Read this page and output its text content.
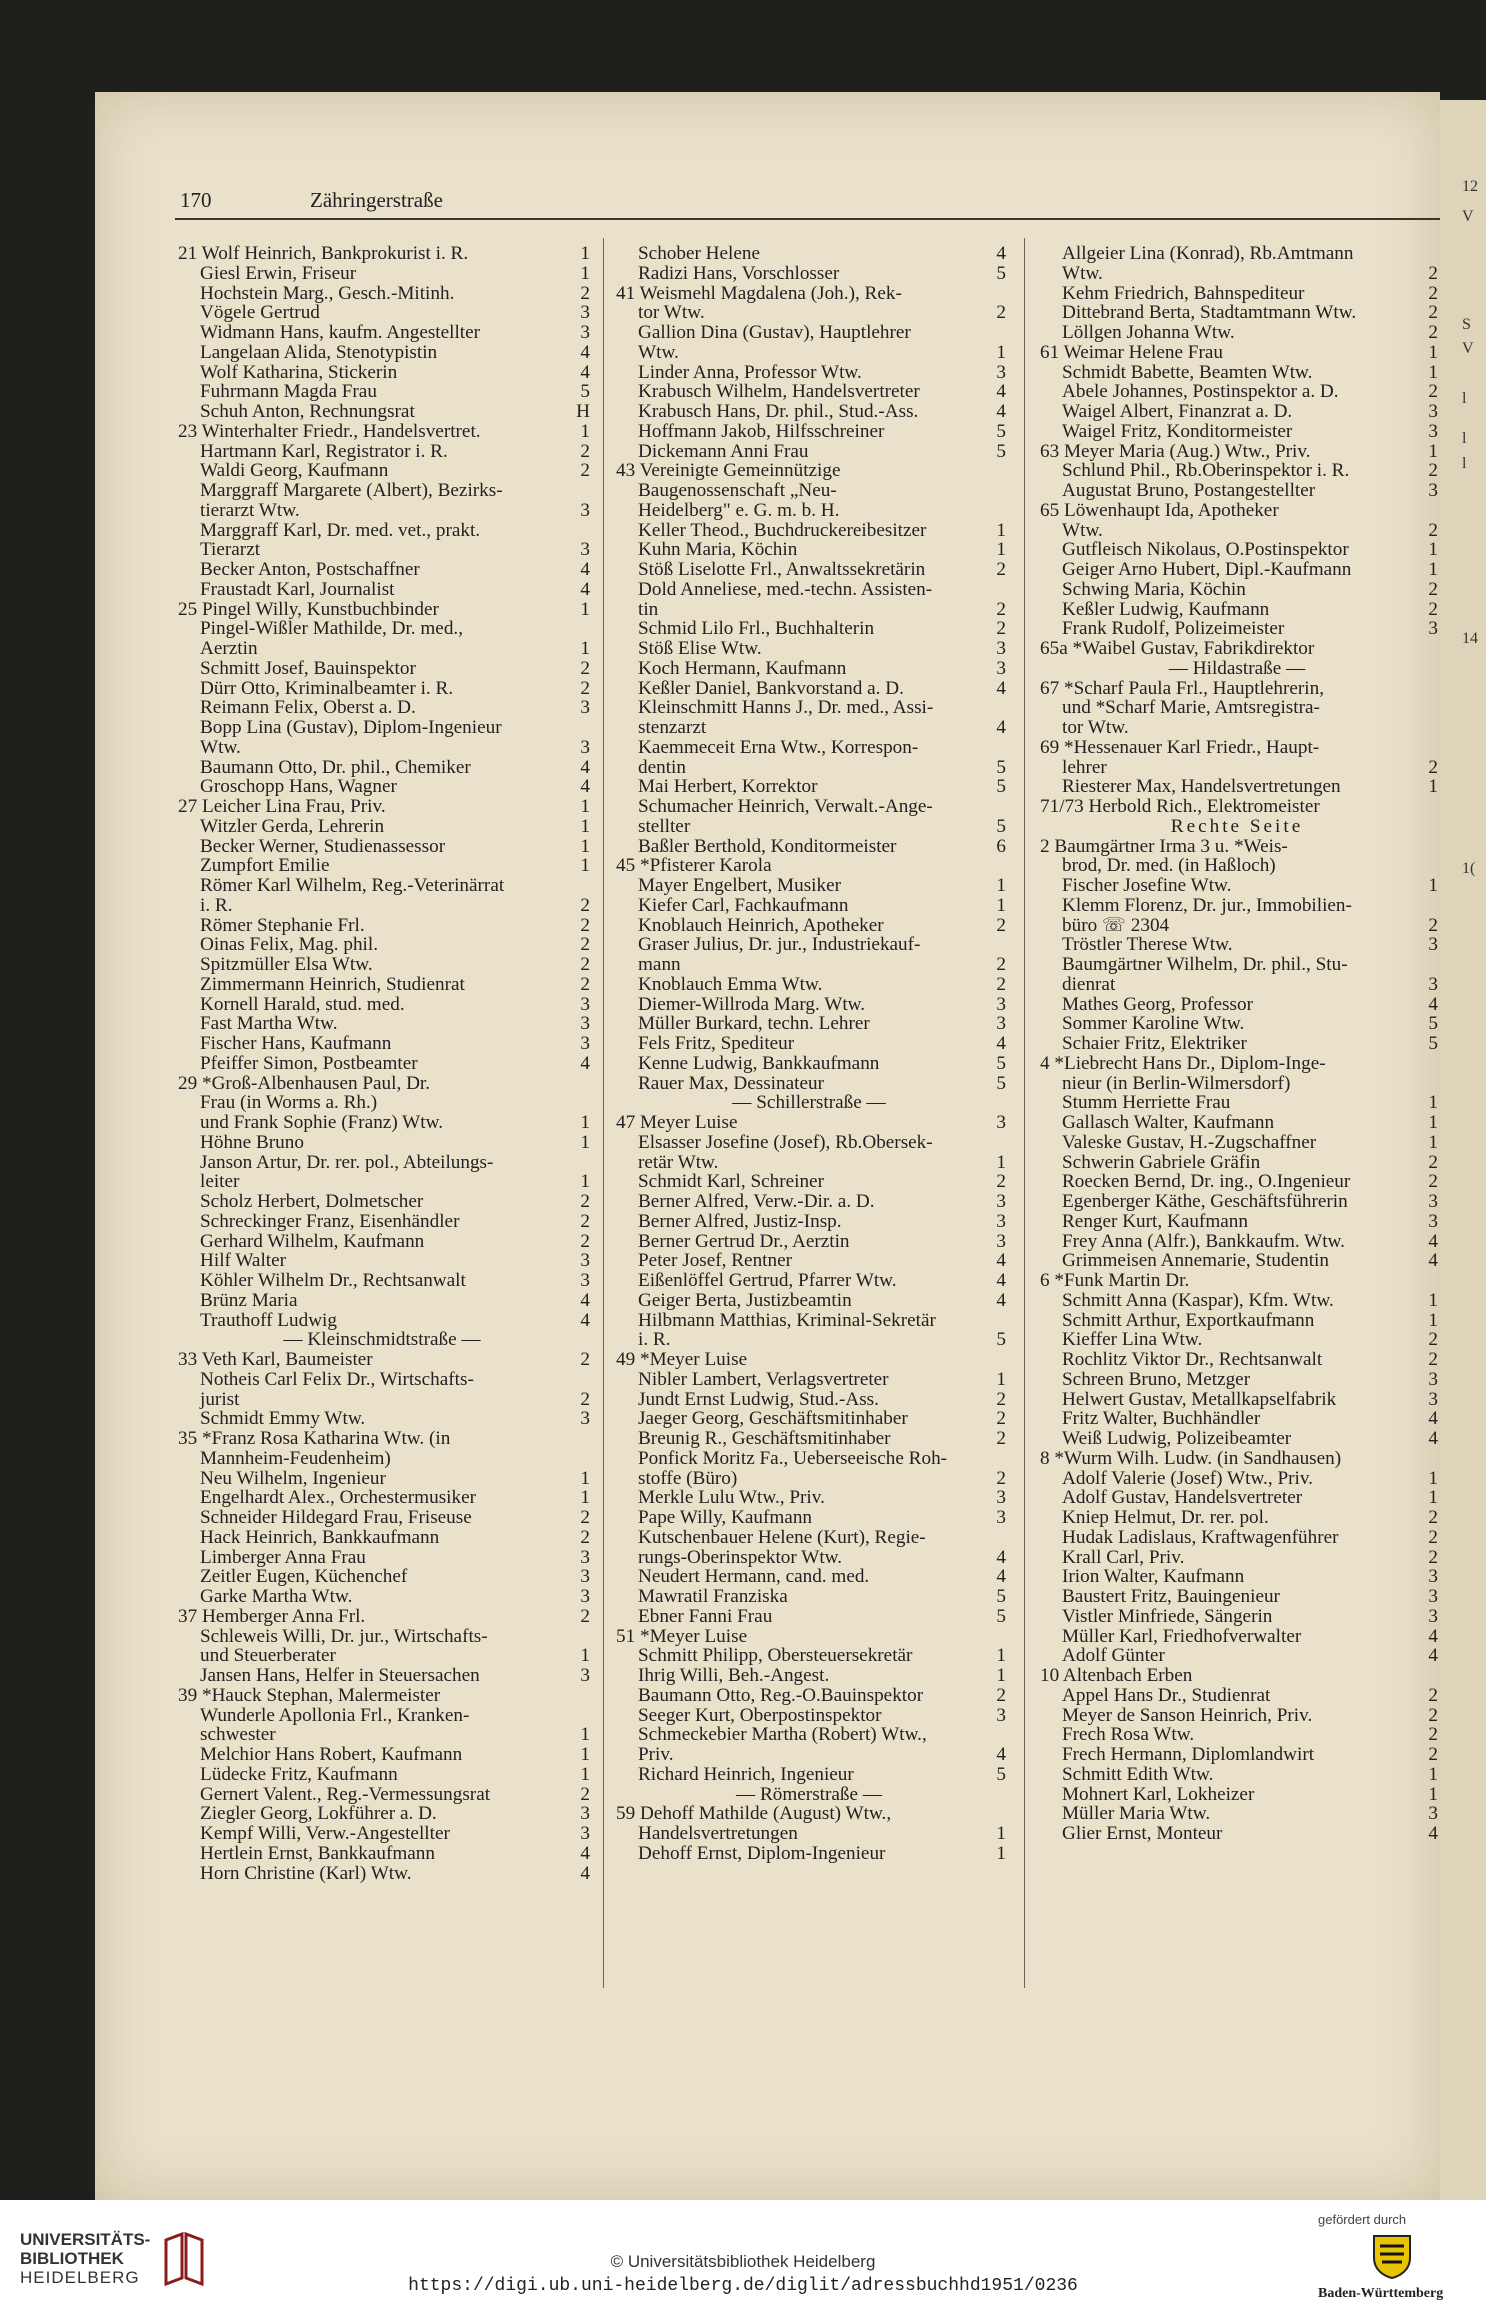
12
V
S
V
l
l
l
14
1(
170	Zähringerstraße
21 Wolf Heinrich, Bankprokurist i. R.	1
Giesl Erwin, Friseur	1
Hochstein Marg., Gesch.-Mitinh.	2
Vögele Gertrud	3
Widmann Hans, kaufm. Angestellter	3
Langelaan Alida, Stenotypistin	4
Wolf Katharina, Stickerin	4
Fuhrmann Magda Frau	5
Schuh Anton, Rechnungsrat	H
23 Winterhalter Friedr., Handelsvertret.	1
Hartmann Karl, Registrator i. R.	2
Waldi Georg, Kaufmann	2
Marggraff Margarete (Albert), Bezirks-
tierarzt Wtw.	3
Marggraff Karl, Dr. med. vet., prakt.
Tierarzt	3
Becker Anton, Postschaffner	4
Fraustadt Karl, Journalist	4
25 Pingel Willy, Kunstbuchbinder	1
Pingel-Wißler Mathilde, Dr. med.,
Aerztin	1
Schmitt Josef, Bauinspektor	2
Dürr Otto, Kriminalbeamter i. R.	2
Reimann Felix, Oberst a. D.	3
Bopp Lina (Gustav), Diplom-Ingenieur
Wtw.	3
Baumann Otto, Dr. phil., Chemiker	4
Groschopp Hans, Wagner	4
27 Leicher Lina Frau, Priv.	1
Witzler Gerda, Lehrerin	1
Becker Werner, Studienassessor	1
Zumpfort Emilie	1
Römer Karl Wilhelm, Reg.-Veterinärrat
i. R.	2
Römer Stephanie Frl.	2
Oinas Felix, Mag. phil.	2
Spitzmüller Elsa Wtw.	2
Zimmermann Heinrich, Studienrat	2
Kornell Harald, stud. med.	3
Fast Martha Wtw.	3
Fischer Hans, Kaufmann	3
Pfeiffer Simon, Postbeamter	4
29 *Groß-Albenhausen Paul, Dr.
Frau (in Worms a. Rh.)
und Frank Sophie (Franz) Wtw.	1
Höhne Bruno	1
Janson Artur, Dr. rer. pol., Abteilungs-
leiter	1
Scholz Herbert, Dolmetscher	2
Schreckinger Franz, Eisenhändler	2
Gerhard Wilhelm, Kaufmann	2
Hilf Walter	3
Köhler Wilhelm Dr., Rechtsanwalt	3
Brünz Maria	4
Trauthoff Ludwig	4
— Kleinschmidtstraße —
33 Veth Karl, Baumeister	2
Notheis Carl Felix Dr., Wirtschafts-
jurist	2
Schmidt Emmy Wtw.	3
35 *Franz Rosa Katharina Wtw. (in
Mannheim-Feudenheim)
Neu Wilhelm, Ingenieur	1
Engelhardt Alex., Orchestermusiker	1
Schneider Hildegard Frau, Friseuse	2
Hack Heinrich, Bankkaufmann	2
Limberger Anna Frau	3
Zeitler Eugen, Küchenchef	3
Garke Martha Wtw.	3
37 Hemberger Anna Frl.	2
Schleweis Willi, Dr. jur., Wirtschafts-
und Steuerberater	1
Jansen Hans, Helfer in Steuersachen	3
39 *Hauck Stephan, Malermeister
Wunderle Apollonia Frl., Kranken-
schwester	1
Melchior Hans Robert, Kaufmann	1
Lüdecke Fritz, Kaufmann	1
Gernert Valent., Reg.-Vermessungsrat	2
Ziegler Georg, Lokführer a. D.	3
Kempf Willi, Verw.-Angestellter	3
Hertlein Ernst, Bankkaufmann	4
Horn Christine (Karl) Wtw.	4
Schober Helene	4
Radizi Hans, Vorschlosser	5
41 Weismehl Magdalena (Joh.), Rek-
tor Wtw.	2
Gallion Dina (Gustav), Hauptlehrer
Wtw.	1
Linder Anna, Professor Wtw.	3
Krabusch Wilhelm, Handelsvertreter	4
Krabusch Hans, Dr. phil., Stud.-Ass.	4
Hoffmann Jakob, Hilfsschreiner	5
Dickemann Anni Frau	5
43 Vereinigte Gemeinnützige
Baugenossenschaft „Neu-
Heidelberg" e. G. m. b. H.
Keller Theod., Buchdruckereibesitzer	1
Kuhn Maria, Köchin	1
Stöß Liselotte Frl., Anwaltssekretärin	2
Dold Anneliese, med.-techn. Assisten-
tin	2
Schmid Lilo Frl., Buchhalterin	2
Stöß Elise Wtw.	3
Koch Hermann, Kaufmann	3
Keßler Daniel, Bankvorstand a. D.	4
Kleinschmitt Hanns J., Dr. med., Assi-
stenzarzt	4
Kaemmeceit Erna Wtw., Korrespon-
dentin	5
Mai Herbert, Korrektor	5
Schumacher Heinrich, Verwalt.-Ange-
stellter	5
Baßler Berthold, Konditormeister	6
45 *Pfisterer Karola
Mayer Engelbert, Musiker	1
Kiefer Carl, Fachkaufmann	1
Knoblauch Heinrich, Apotheker	2
Graser Julius, Dr. jur., Industriekauf-
mann	2
Knoblauch Emma Wtw.	2
Diemer-Willroda Marg. Wtw.	3
Müller Burkard, techn. Lehrer	3
Fels Fritz, Spediteur	4
Kenne Ludwig, Bankkaufmann	5
Rauer Max, Dessinateur	5
— Schillerstraße —
47 Meyer Luise	3
Elsasser Josefine (Josef), Rb.Obersek-
retär Wtw.	1
Schmidt Karl, Schreiner	2
Berner Alfred, Verw.-Dir. a. D.	3
Berner Alfred, Justiz-Insp.	3
Berner Gertrud Dr., Aerztin	3
Peter Josef, Rentner	4
Eißenlöffel Gertrud, Pfarrer Wtw.	4
Geiger Berta, Justizbeamtin	4
Hilbmann Matthias, Kriminal-Sekretär
i. R.	5
49 *Meyer Luise
Nibler Lambert, Verlagsvertreter	1
Jundt Ernst Ludwig, Stud.-Ass.	2
Jaeger Georg, Geschäftsmitinhaber	2
Breunig R., Geschäftsmitinhaber	2
Ponfick Moritz Fa., Ueberseeische Roh-
stoffe (Büro)	2
Merkle Lulu Wtw., Priv.	3
Pape Willy, Kaufmann	3
Kutschenbauer Helene (Kurt), Regie-
rungs-Oberinspektor Wtw.	4
Neudert Hermann, cand. med.	4
Mawratil Franziska	5
Ebner Fanni Frau	5
51 *Meyer Luise
Schmitt Philipp, Obersteuersekretär	1
Ihrig Willi, Beh.-Angest.	1
Baumann Otto, Reg.-O.Bauinspektor	2
Seeger Kurt, Oberpostinspektor	3
Schmeckebier Martha (Robert) Wtw.,
Priv.	4
Richard Heinrich, Ingenieur	5
— Römerstraße —
59 Dehoff Mathilde (August) Wtw.,
Handelsvertretungen	1
Dehoff Ernst, Diplom-Ingenieur	1
Allgeier Lina (Konrad), Rb.Amtmann
Wtw.	2
Kehm Friedrich, Bahnspediteur	2
Dittebrand Berta, Stadtamtmann Wtw.	2
Löllgen Johanna Wtw.	2
61 Weimar Helene Frau	1
Schmidt Babette, Beamten Wtw.	1
Abele Johannes, Postinspektor a. D.	2
Waigel Albert, Finanzrat a. D.	3
Waigel Fritz, Konditormeister	3
63 Meyer Maria (Aug.) Wtw., Priv.	1
Schlund Phil., Rb.Oberinspektor i. R.	2
Augustat Bruno, Postangestellter	3
65 Löwenhaupt Ida, Apotheker
Wtw.	2
Gutfleisch Nikolaus, O.Postinspektor	1
Geiger Arno Hubert, Dipl.-Kaufmann	1
Schwing Maria, Köchin	2
Keßler Ludwig, Kaufmann	2
Frank Rudolf, Polizeimeister	3
65a *Waibel Gustav, Fabrikdirektor
— Hildastraße —
67 *Scharf Paula Frl., Hauptlehrerin,
und *Scharf Marie, Amtsregistra-
tor Wtw.
69 *Hessenauer Karl Friedr., Haupt-
lehrer	2
Riesterer Max, Handelsvertretungen	1
71/73 Herbold Rich., Elektromeister
Rechte Seite
2 Baumgärtner Irma 3 u. *Weis-
brod, Dr. med. (in Haßloch)
Fischer Josefine Wtw.	1
Klemm Florenz, Dr. jur., Immobilien-
büro ☏ 2304	2
Tröstler Therese Wtw.	3
Baumgärtner Wilhelm, Dr. phil., Stu-
dienrat	3
Mathes Georg, Professor	4
Sommer Karoline Wtw.	5
Schaier Fritz, Elektriker	5
4 *Liebrecht Hans Dr., Diplom-Inge-
nieur (in Berlin-Wilmersdorf)
Stumm Herriette Frau	1
Gallasch Walter, Kaufmann	1
Valeske Gustav, H.-Zugschaffner	1
Schwerin Gabriele Gräfin	2
Roecken Bernd, Dr. ing., O.Ingenieur	2
Egenberger Käthe, Geschäftsführerin	3
Renger Kurt, Kaufmann	3
Frey Anna (Alfr.), Bankkaufm. Wtw.	4
Grimmeisen Annemarie, Studentin	4
6 *Funk Martin Dr.
Schmitt Anna (Kaspar), Kfm. Wtw.	1
Schmitt Arthur, Exportkaufmann	1
Kieffer Lina Wtw.	2
Rochlitz Viktor Dr., Rechtsanwalt	2
Schreen Bruno, Metzger	3
Helwert Gustav, Metallkapselfabrik	3
Fritz Walter, Buchhändler	4
Weiß Ludwig, Polizeibeamter	4
8 *Wurm Wilh. Ludw. (in Sandhausen)
Adolf Valerie (Josef) Wtw., Priv.	1
Adolf Gustav, Handelsvertreter	1
Kniep Helmut, Dr. rer. pol.	2
Hudak Ladislaus, Kraftwagenführer	2
Krall Carl, Priv.	2
Irion Walter, Kaufmann	3
Baustert Fritz, Bauingenieur	3
Vistler Minfriede, Sängerin	3
Müller Karl, Friedhofverwalter	4
Adolf Günter	4
10 Altenbach Erben
Appel Hans Dr., Studienrat	2
Meyer de Sanson Heinrich, Priv.	2
Frech Rosa Wtw.	2
Frech Hermann, Diplomlandwirt	2
Schmitt Edith Wtw.	1
Mohnert Karl, Lokheizer	1
Müller Maria Wtw.	3
Glier Ernst, Monteur	4
UNIVERSITÄTS-
BIBLIOTHEK
HEIDELBERG
© Universitätsbibliothek Heidelberg
https://digi.ub.uni-heidelberg.de/diglit/adressbuchhd1951/0236
gefördert durch
Baden-Württemberg
